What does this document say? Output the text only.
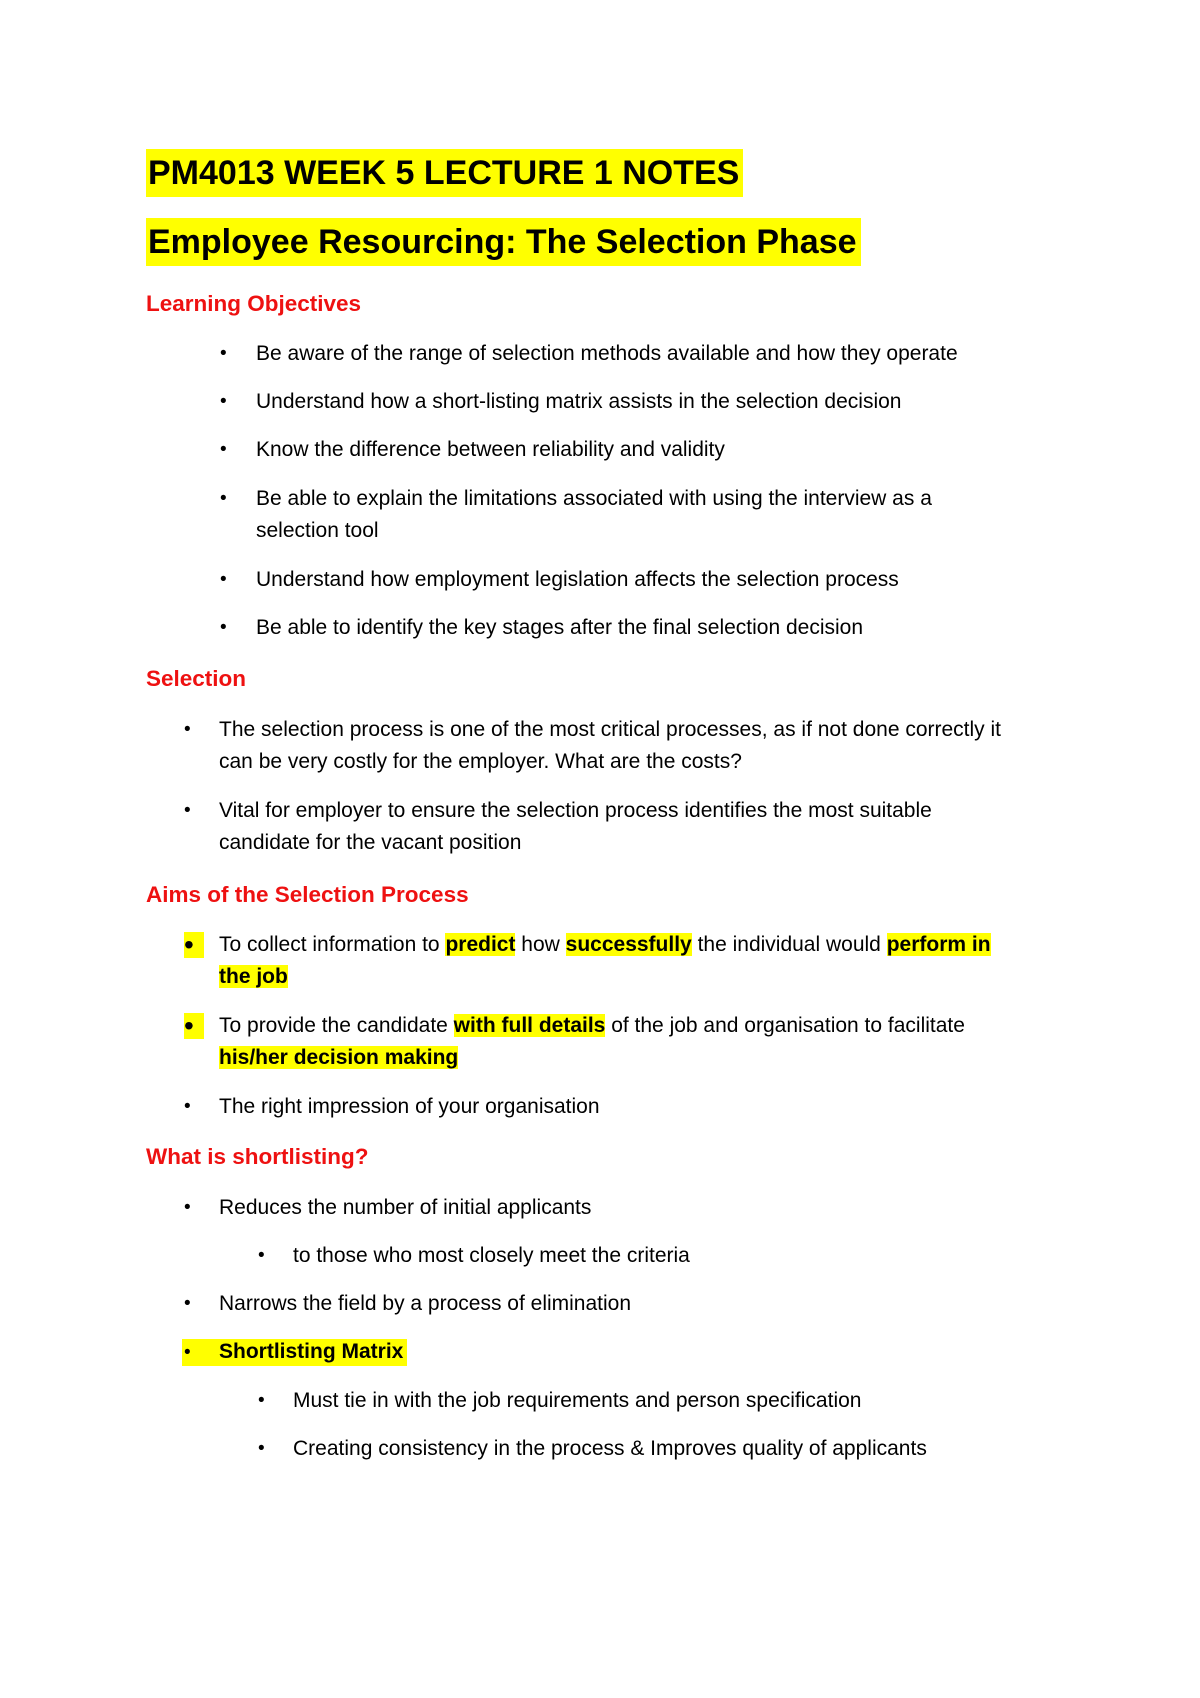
PM4013 WEEK 5 LECTURE 1 NOTES
Employee Resourcing: The Selection Phase
Learning Objectives
• Be aware of the range of selection methods available and how they operate
• Understand how a short-listing matrix assists in the selection decision
• Know the difference between reliability and validity
• Be able to explain the limitations associated with using the interview as a
selection tool
• Understand how employment legislation affects the selection process
• Be able to identify the key stages after the final selection decision
Selection
• The selection process is one of the most critical processes, as if not done correctly it
can be very costly for the employer. What are the costs?
• Vital for employer to ensure the selection process identifies the most suitable
candidate for the vacant position
Aims of the Selection Process
•	To collect information to predict how successfully the individual would perform in
the job
•	To provide the candidate with full details of the job and organisation to facilitate
his/her decision making
• The right impression of your organisation
What is shortlisting?
• Reduces the number of initial applicants
• to those who most closely meet the criteria
• Narrows the field by a process of elimination
• Shortlisting Matrix
• Must tie in with the job requirements and person specification
• Creating consistency in the process & Improves quality of applicants
